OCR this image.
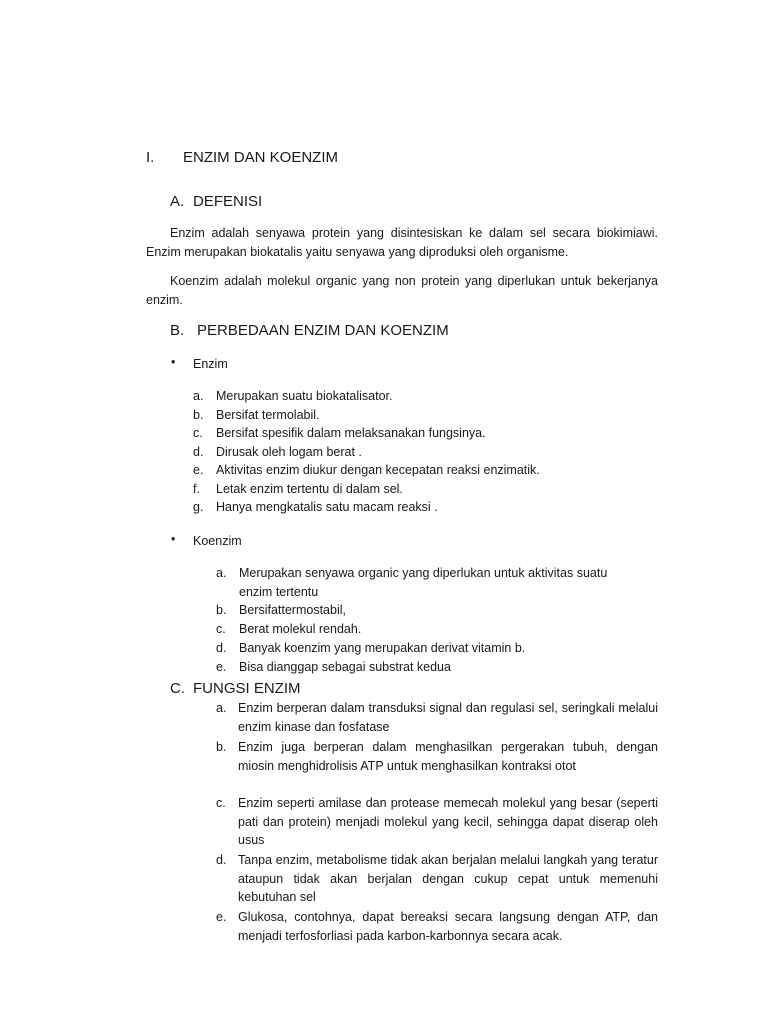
I. ENZIM DAN KOENZIM
A. DEFENISI
Enzim adalah senyawa protein yang disintesiskan ke dalam sel secara biokimiawi. Enzim merupakan biokatalis yaitu senyawa yang diproduksi oleh organisme.
Koenzim adalah molekul organic yang non protein yang diperlukan untuk bekerjanya enzim.
B. PERBEDAAN ENZIM DAN KOENZIM
• Enzim
a. Merupakan suatu biokatalisator.
b. Bersifat termolabil.
c. Bersifat spesifik dalam melaksanakan fungsinya.
d. Dirusak oleh logam berat .
e. Aktivitas enzim diukur dengan kecepatan reaksi enzimatik.
f. Letak enzim tertentu di dalam sel.
g. Hanya mengkatalis satu macam reaksi .
• Koenzim
a. Merupakan senyawa organic yang diperlukan untuk aktivitas suatu enzim tertentu
b. Bersifattermostabil,
c. Berat molekul rendah.
d. Banyak koenzim yang merupakan derivat vitamin b.
e. Bisa dianggap sebagai substrat kedua
C. FUNGSI ENZIM
a. Enzim berperan dalam transduksi signal dan regulasi sel, seringkali melalui enzim kinase dan fosfatase
b. Enzim juga berperan dalam menghasilkan pergerakan tubuh, dengan miosin menghidrolisis ATP untuk menghasilkan kontraksi otot
c. Enzim seperti amilase dan protease memecah molekul yang besar (seperti pati dan protein) menjadi molekul yang kecil, sehingga dapat diserap oleh usus
d. Tanpa enzim, metabolisme tidak akan berjalan melalui langkah yang teratur ataupun tidak akan berjalan dengan cukup cepat untuk memenuhi kebutuhan sel
e. Glukosa, contohnya, dapat bereaksi secara langsung dengan ATP, dan menjadi terfosforliasi pada karbon-karbonnya secara acak.
